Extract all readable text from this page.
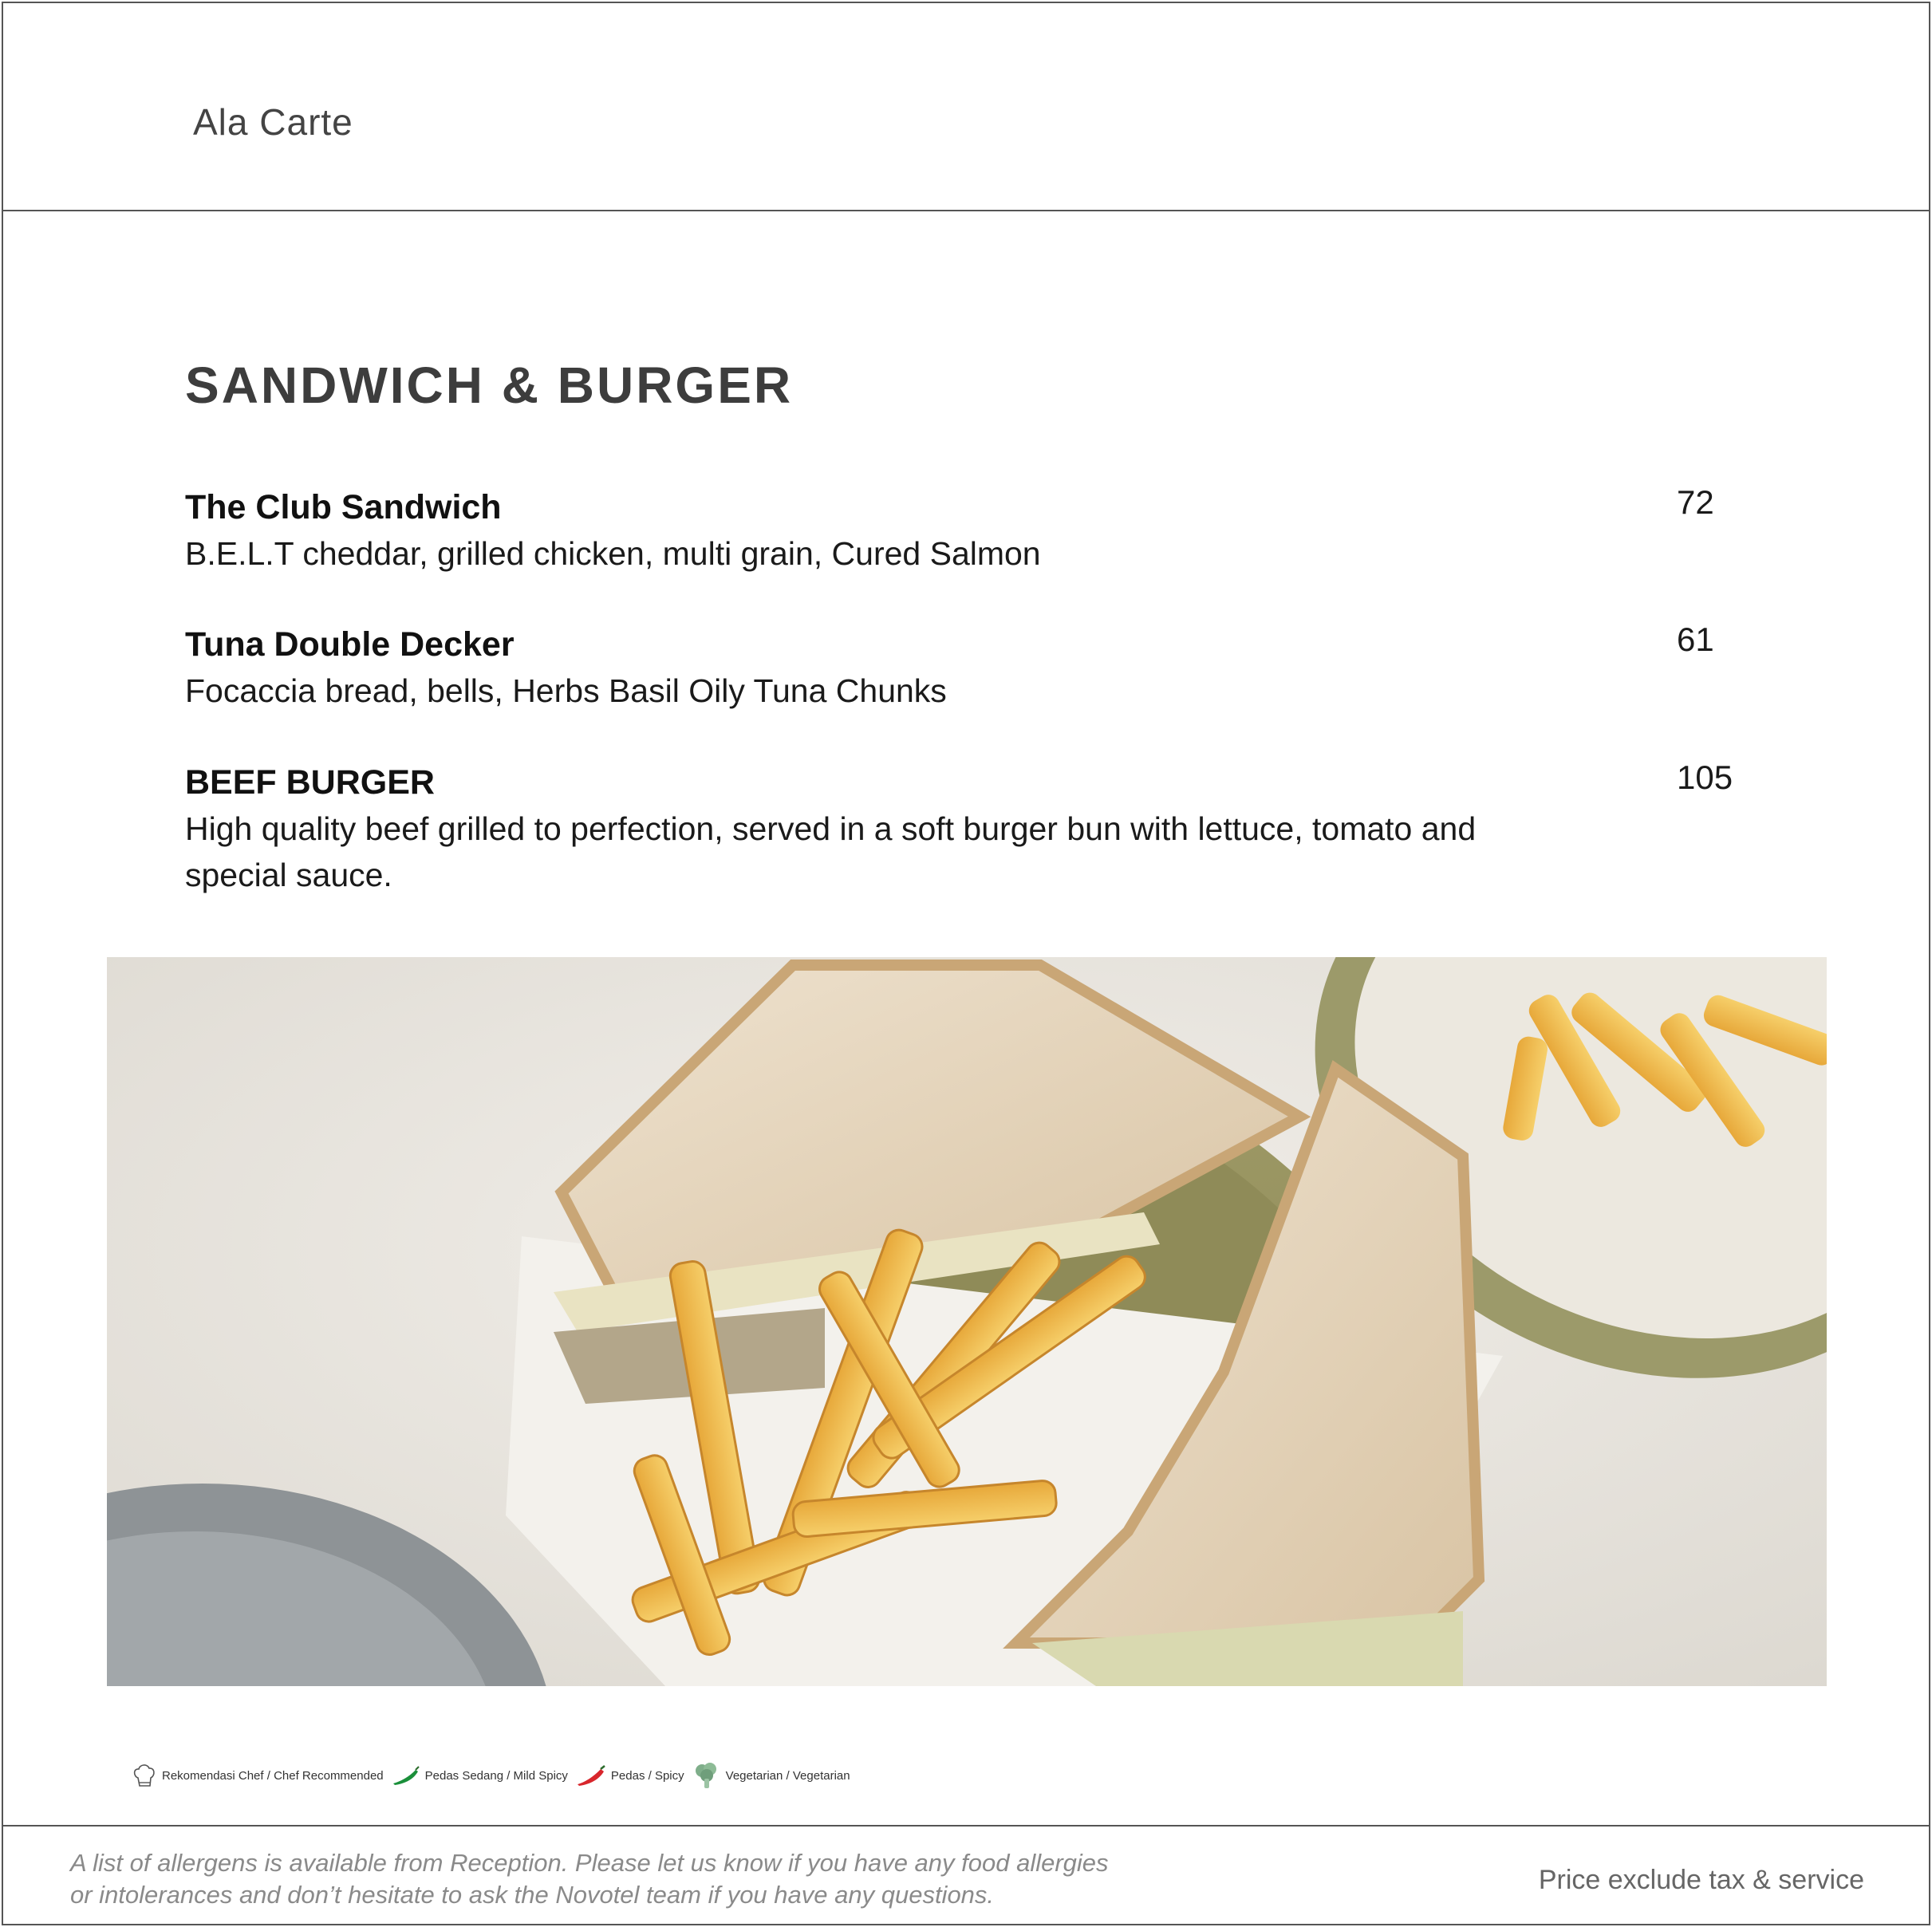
Ala Carte
SANDWICH & BURGER
The Club Sandwich
B.E.L.T cheddar, grilled chicken, multi grain, Cured Salmon
72
Tuna Double Decker
Focaccia bread, bells, Herbs Basil Oily Tuna Chunks
61
BEEF BURGER
High quality beef grilled to perfection, served in a soft burger bun with lettuce, tomato and special sauce.
105
Rekomendasi Chef / Chef Recommended	Pedas Sedang / Mild Spicy	Pedas / Spicy	Vegetarian / Vegetarian
A list of allergens is available from Reception. Please let us know if you have any food allergies
or intolerances and don’t hesitate to ask the Novotel team if you have any questions.	Price exclude tax & service
